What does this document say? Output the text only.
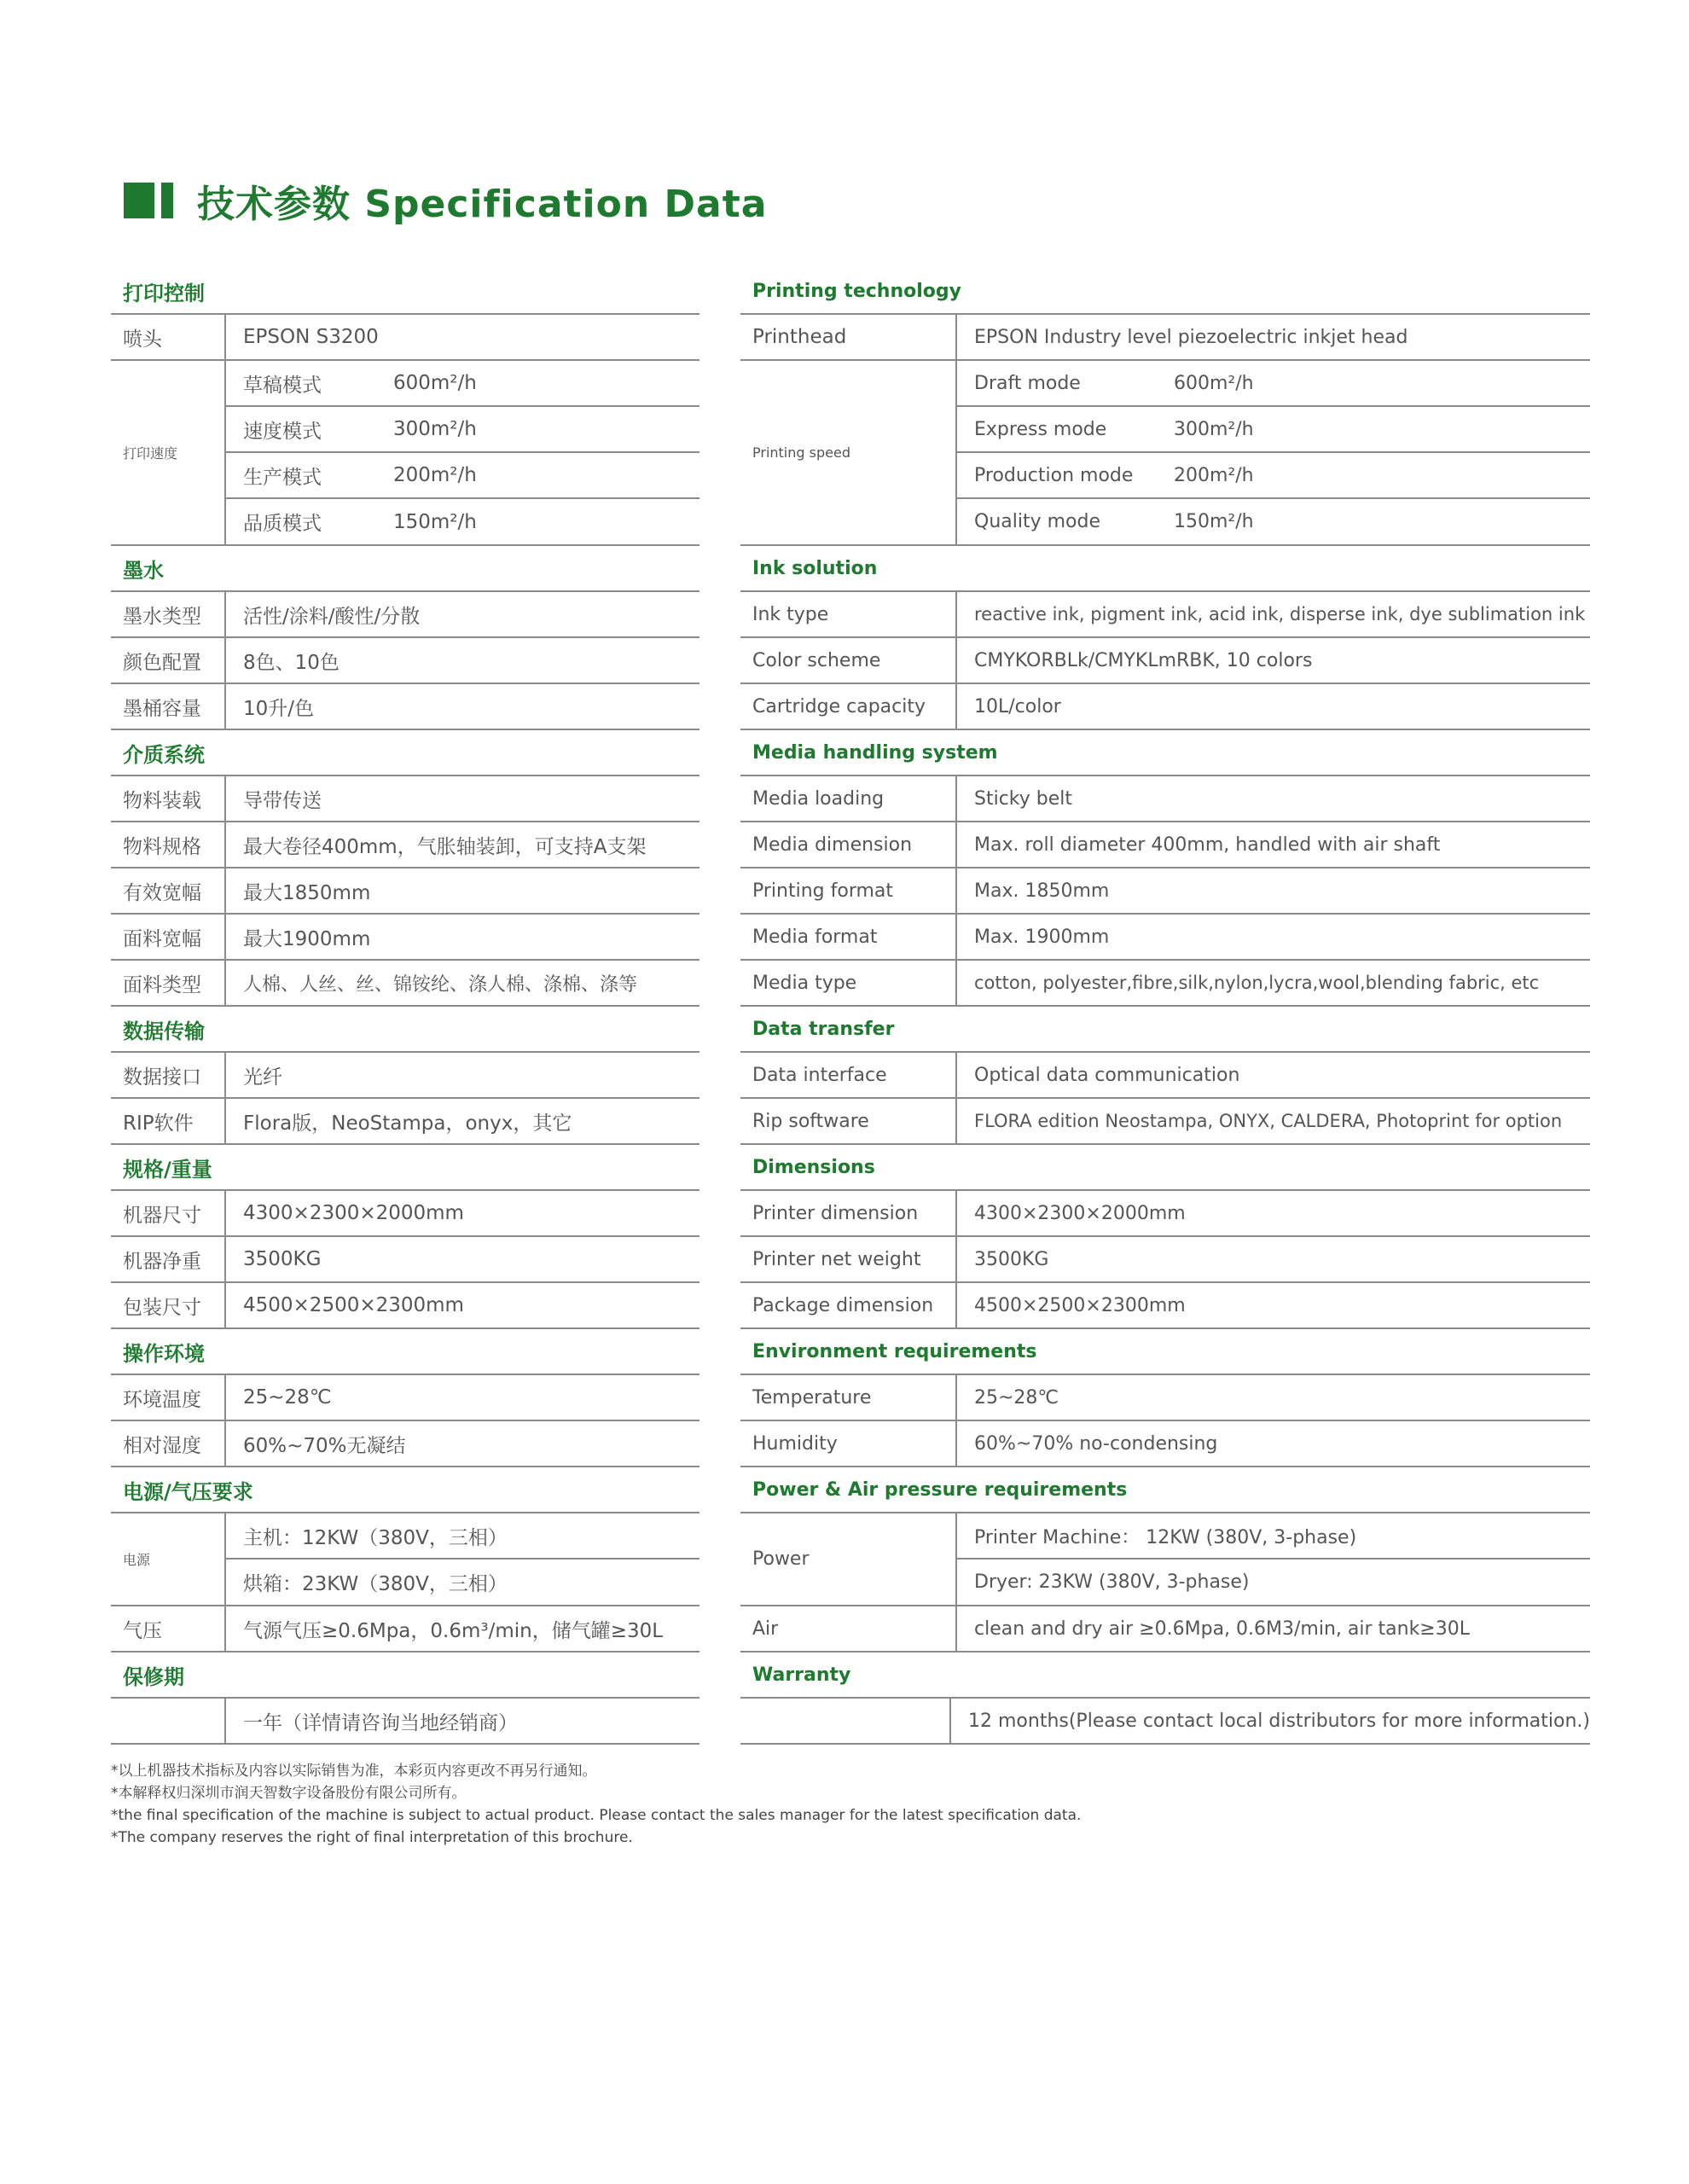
技术参数 Specification Data
打印控制
喷头	EPSON S3200
打印速度
草稿模式	600m²/h
速度模式	300m²/h
生产模式	200m²/h
品质模式	150m²/h
墨水
墨水类型	活性/涂料/酸性/分散
颜色配置	8色、10色
墨桶容量	10升/色
介质系统
物料装载	导带传送
物料规格	最大卷径400mm，气胀轴装卸，可支持A支架
有效宽幅	最大1850mm
面料宽幅	最大1900mm
面料类型	人棉、人丝、丝、锦铵纶、涤人棉、涤棉、涤等
数据传输
数据接口	光纤
RIP软件	Flora版，NeoStampa，onyx，其它
规格/重量
机器尺寸	4300×2300×2000mm
机器净重	3500KG
包装尺寸	4500×2500×2300mm
操作环境
环境温度	25~28℃
相对湿度	60%~70%无凝结
电源/气压要求
电源
主机：12KW（380V，三相）
烘箱：23KW（380V，三相）
气压	气源气压≥0.6Mpa，0.6m³/min，储气罐≥30L
保修期
一年（详情请咨询当地经销商）
Printing technology
Printhead	EPSON Industry level piezoelectric inkjet head
Printing speed
Draft mode	600m²/h
Express mode	300m²/h
Production mode	200m²/h
Quality mode	150m²/h
Ink solution
Ink type	reactive ink, pigment ink, acid ink, disperse ink, dye sublimation ink
Color scheme	CMYKORBLk/CMYKLmRBK, 10 colors
Cartridge capacity	10L/color
Media handling system
Media loading	Sticky belt
Media dimension	Max. roll diameter 400mm, handled with air shaft
Printing format	Max. 1850mm
Media format	Max. 1900mm
Media type	cotton, polyester,fibre,silk,nylon,lycra,wool,blending fabric, etc
Data transfer
Data interface	Optical data communication
Rip software	FLORA edition Neostampa, ONYX, CALDERA, Photoprint for option
Dimensions
Printer dimension	4300×2300×2000mm
Printer net weight	3500KG
Package dimension	4500×2500×2300mm
Environment requirements
Temperature	25~28℃
Humidity	60%~70% no-condensing
Power & Air pressure requirements
Power
Printer Machine： 12KW (380V, 3-phase)
Dryer: 23KW (380V, 3-phase)
Air	clean and dry air ≥0.6Mpa, 0.6M3/min, air tank≥30L
Warranty
12 months(Please contact local distributors for more information.)
*以上机器技术指标及内容以实际销售为准，本彩页内容更改不再另行通知。
*本解释权归深圳市润天智数字设备股份有限公司所有。
*the final specification of the machine is subject to actual product. Please contact the sales manager for the latest specification data.
*The company reserves the right of final interpretation of this brochure.
